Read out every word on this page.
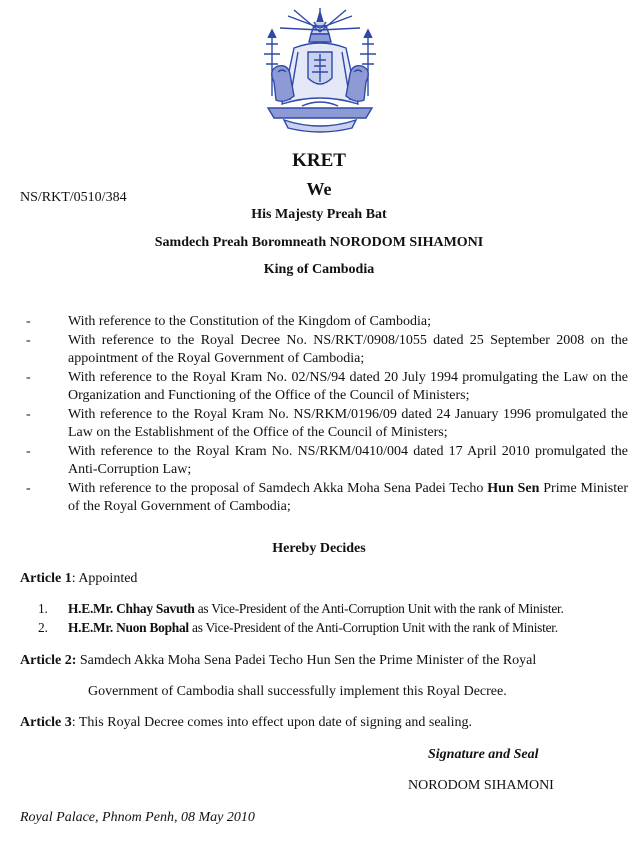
KRET
We
NS/RKT/0510/384
His Majesty Preah Bat
Samdech Preah Boromneath NORODOM SIHAMONI
King of Cambodia
-	With reference to the Constitution of the Kingdom of Cambodia;
-	With reference to the Royal Decree No. NS/RKT/0908/1055 dated 25 September 2008 on the appointment of the Royal Government of Cambodia;
-	With reference to the Royal Kram No. 02/NS/94 dated 20 July 1994 promulgating the Law on the Organization and Functioning of the Office of the Council of Ministers;
-	With reference to the Royal Kram No. NS/RKM/0196/09 dated 24 January 1996 promulgated the Law on the Establishment of the Office of the Council of Ministers;
-	With reference to the Royal Kram No. NS/RKM/0410/004 dated 17 April 2010 promulgated the Anti-Corruption Law;
-	With reference to the proposal of Samdech Akka Moha Sena Padei Techo Hun Sen Prime Minister of the Royal Government of Cambodia;
Hereby Decides
Article 1: Appointed
1. H.E.Mr. Chhay Savuth as Vice-President of the Anti-Corruption Unit with the rank of Minister.
2. H.E.Mr. Nuon Bophal as Vice-President of the Anti-Corruption Unit with the rank of Minister.
Article 2: Samdech Akka Moha Sena Padei Techo Hun Sen the Prime Minister of the Royal
Government of Cambodia shall successfully implement this Royal Decree.
Article 3: This Royal Decree comes into effect upon date of signing and sealing.
Signature and Seal
NORODOM SIHAMONI
Royal Palace, Phnom Penh, 08 May 2010
